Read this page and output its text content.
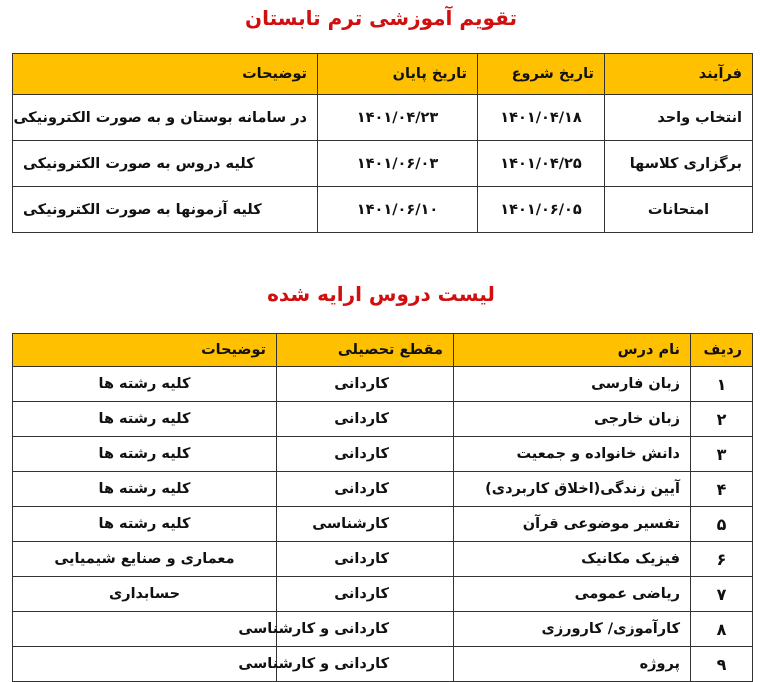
تقویم آموزشی ترم تابستان
فرآیند	تاریخ شروع	تاریخ پایان	توضیحات
انتخاب واحد	۱۴۰۱/۰۴/۱۸	۱۴۰۱/۰۴/۲۳	در سامانه بوستان و به صورت الکترونیکی
برگزاری کلاسها	۱۴۰۱/۰۴/۲۵	۱۴۰۱/۰۶/۰۳	کلیه دروس به صورت الکترونیکی
امتحانات	۱۴۰۱/۰۶/۰۵	۱۴۰۱/۰۶/۱۰	کلیه آزمونها به صورت الکترونیکی
لیست دروس ارایه شده
ردیف	نام درس	مقطع تحصیلی	توضیحات
۱	زبان فارسی	کاردانی	کلیه رشته ها
۲	زبان خارجی	کاردانی	کلیه رشته ها
۳	دانش خانواده و جمعیت	کاردانی	کلیه رشته ها
۴	آیین زندگی(اخلاق کاربردی)	کاردانی	کلیه رشته ها
۵	تفسیر موضوعی قرآن	کارشناسی	کلیه رشته ها
۶	فیزیک مکانیک	کاردانی	معماری و صنایع شیمیایی
۷	ریاضی عمومی	کاردانی	حسابداری
۸	کارآموزی/ کارورزی	کاردانی و کارشناسی	
۹	پروژه	کاردانی و کارشناسی	
